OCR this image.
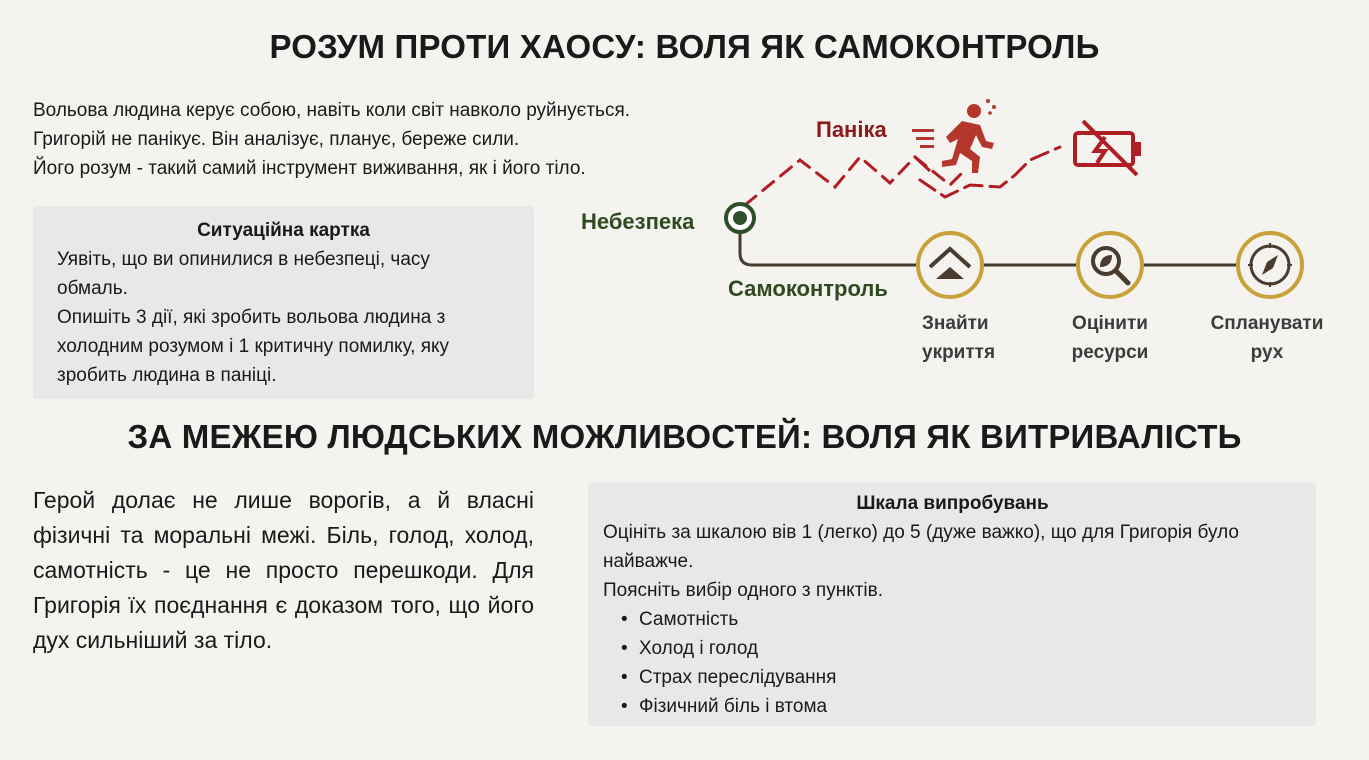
РОЗУМ ПРОТИ ХАОСУ: ВОЛЯ ЯК САМОКОНТРОЛЬ
Вольова людина керує собою, навіть коли світ навколо руйнується.
Григорій не панікує. Він аналізує, планує, береже сили.
Його розум - такий самий інструмент виживання, як і його тіло.
Ситуаційна картка
Уявіть, що ви опинилися в небезпеці, часу
обмаль.
Опишіть 3 дії, які зробить вольова людина з
холодним розумом і 1 критичну помилку, яку
зробить людина в паніці.
Небезпека
Паніка
Самоконтроль
Знайти
укриття
Оцінити
ресурси
Спланувати
рух
ЗА МЕЖЕЮ ЛЮДСЬКИХ МОЖЛИВОСТЕЙ: ВОЛЯ ЯК ВИТРИВАЛІСТЬ
Герой долає не лише ворогів, а й власні фізичні та моральні межі. Біль, голод, холод, самотність - це не просто перешкоди. Для Григорія їх поєднання є доказом того, що його дух сильніший за тіло.
Шкала випробувань
Оцініть за шкалою вів 1 (легко) до 5 (дуже важко), що для Григорія було
найважче.
Поясніть вибір одного з пунктів.
• Самотність
• Холод і голод
• Страх переслідування
• Фізичний біль і втома
